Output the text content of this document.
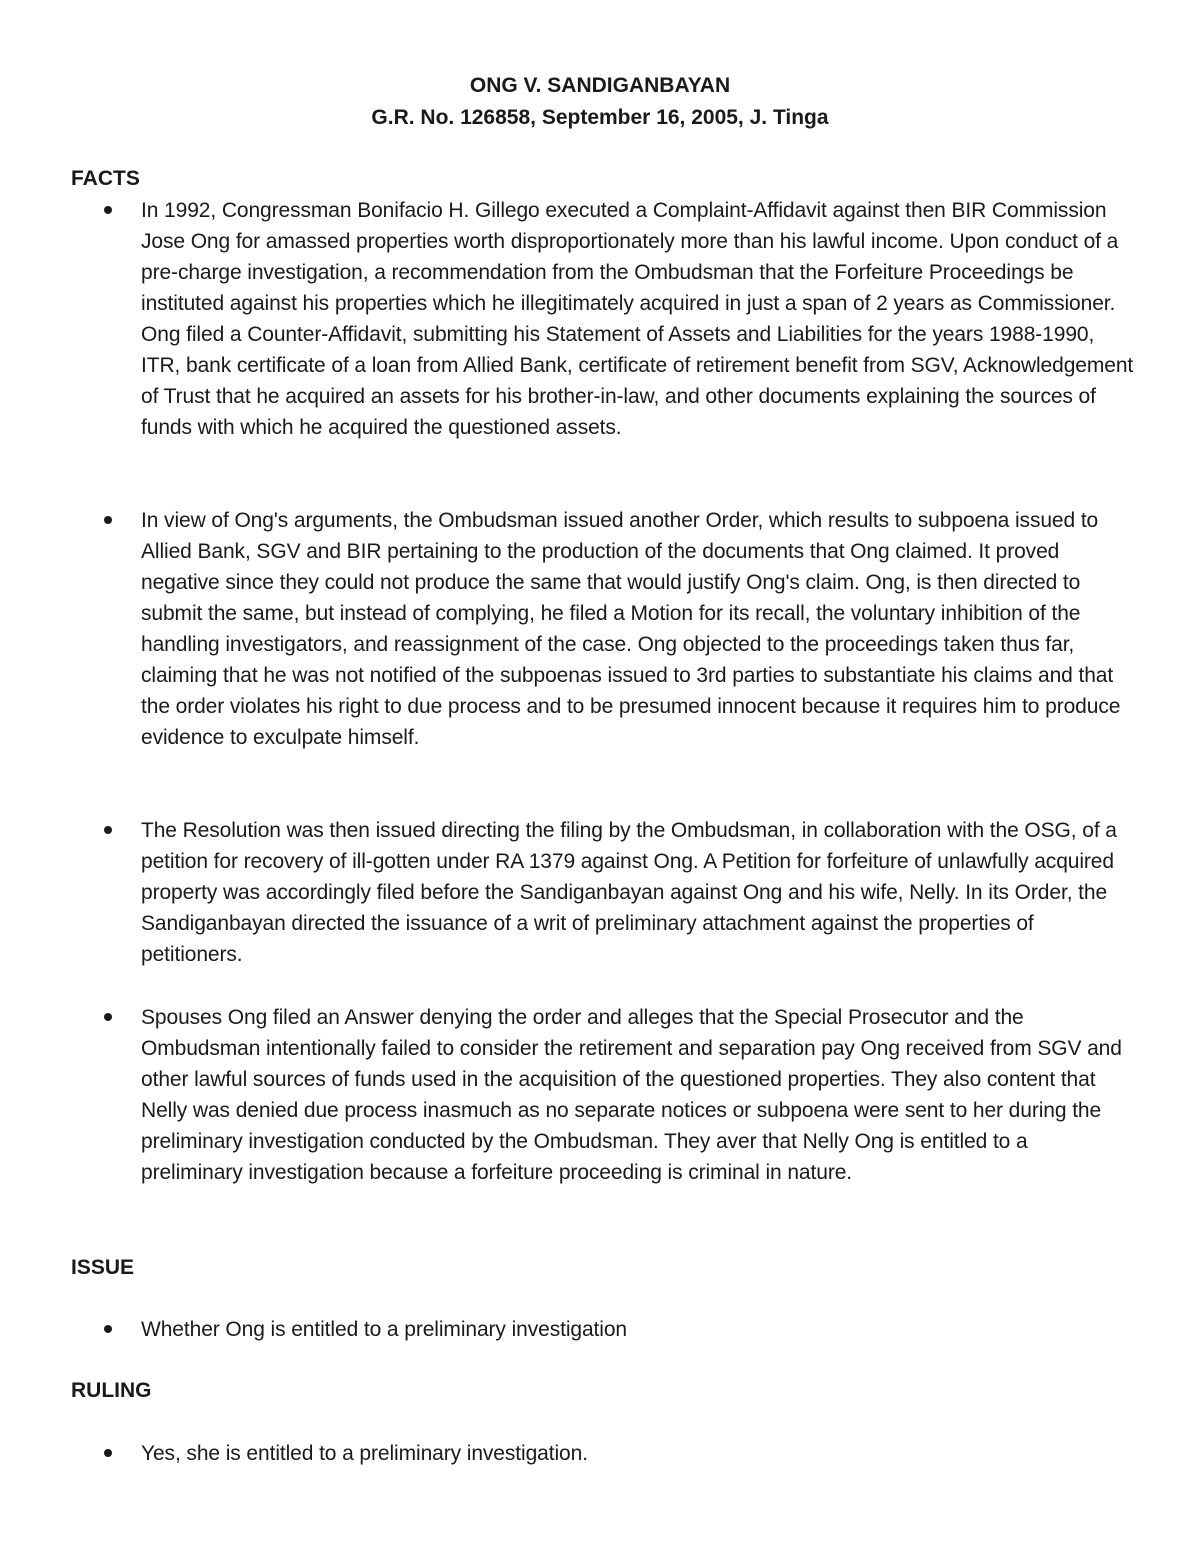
ONG V. SANDIGANBAYAN
G.R. No. 126858, September 16, 2005, J. Tinga
FACTS
In 1992, Congressman Bonifacio H. Gillego executed a Complaint-Affidavit against then BIR Commission Jose Ong for amassed properties worth disproportionately more than his lawful income. Upon conduct of a pre-charge investigation, a recommendation from the Ombudsman that the Forfeiture Proceedings be instituted against his properties which he illegitimately acquired in just a span of 2 years as Commissioner. Ong filed a Counter-Affidavit, submitting his Statement of Assets and Liabilities for the years 1988-1990, ITR, bank certificate of a loan from Allied Bank, certificate of retirement benefit from SGV, Acknowledgement of Trust that he acquired an assets for his brother-in-law, and other documents explaining the sources of funds with which he acquired the questioned assets.
In view of Ong's arguments, the Ombudsman issued another Order, which results to subpoena issued to Allied Bank, SGV and BIR pertaining to the production of the documents that Ong claimed. It proved negative since they could not produce the same that would justify Ong's claim. Ong, is then directed to submit the same, but instead of complying, he filed a Motion for its recall, the voluntary inhibition of the handling investigators, and reassignment of the case. Ong objected to the proceedings taken thus far, claiming that he was not notified of the subpoenas issued to 3rd parties to substantiate his claims and that the order violates his right to due process and to be presumed innocent because it requires him to produce evidence to exculpate himself.
The Resolution was then issued directing the filing by the Ombudsman, in collaboration with the OSG, of a petition for recovery of ill-gotten under RA 1379 against Ong. A Petition for forfeiture of unlawfully acquired property was accordingly filed before the Sandiganbayan against Ong and his wife, Nelly. In its Order, the Sandiganbayan directed the issuance of a writ of preliminary attachment against the properties of petitioners.
Spouses Ong filed an Answer denying the order and alleges that the Special Prosecutor and the Ombudsman intentionally failed to consider the retirement and separation pay Ong received from SGV and other lawful sources of funds used in the acquisition of the questioned properties. They also content that Nelly was denied due process inasmuch as no separate notices or subpoena were sent to her during the preliminary investigation conducted by the Ombudsman. They aver that Nelly Ong is entitled to a preliminary investigation because a forfeiture proceeding is criminal in nature.
ISSUE
Whether Ong is entitled to a preliminary investigation
RULING
Yes, she is entitled to a preliminary investigation.
